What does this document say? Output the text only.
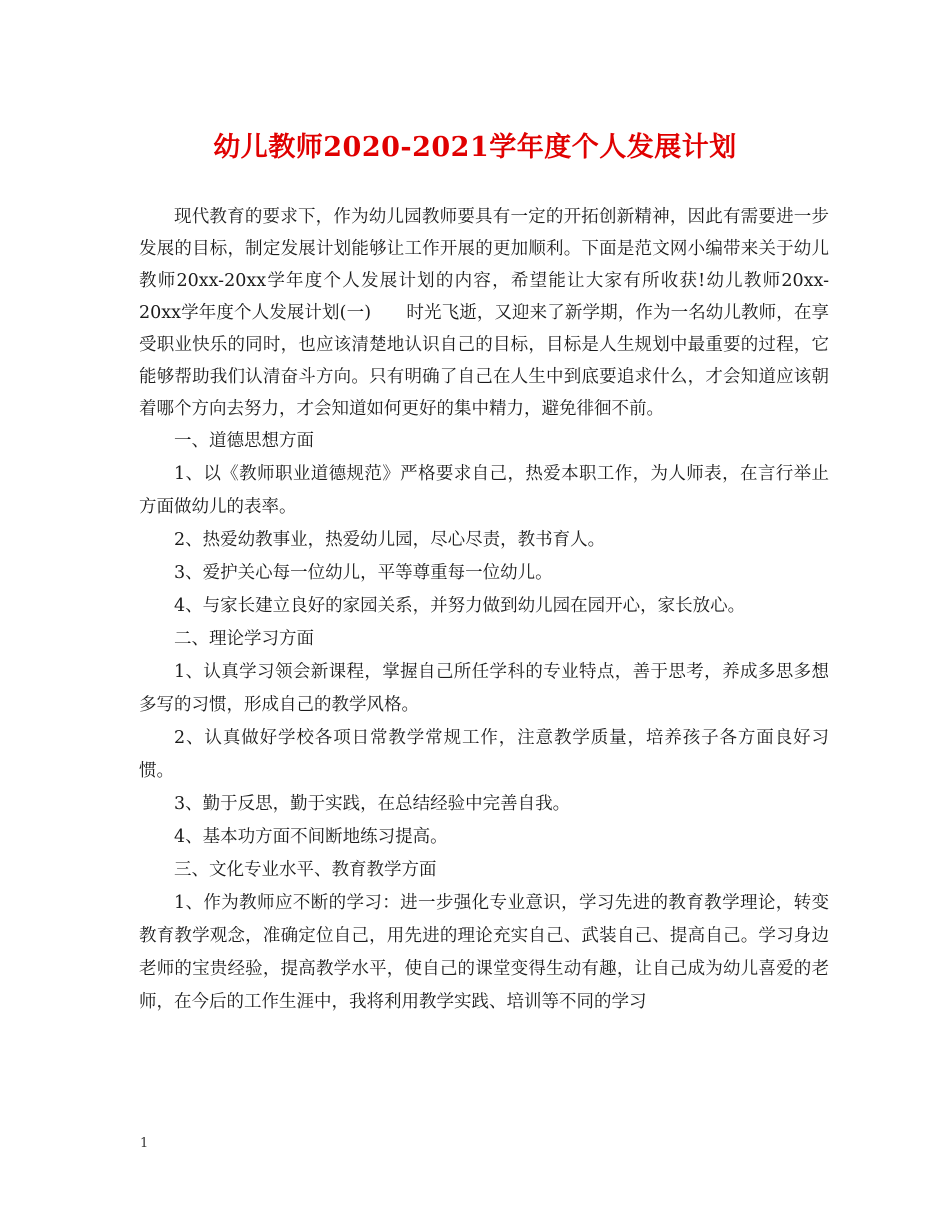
幼儿教师2020-2021学年度个人发展计划

现代教育的要求下，作为幼儿园教师要具有一定的开拓创新精神，因此有需要进一步发展的目标，制定发展计划能够让工作开展的更加顺利。下面是范文网小编带来关于幼儿教师20xx-20xx学年度个人发展计划的内容，希望能让大家有所收获!幼儿教师20xx-20xx学年度个人发展计划(一)　　时光飞逝，又迎来了新学期，作为一名幼儿教师，在享受职业快乐的同时，也应该清楚地认识自己的目标，目标是人生规划中最重要的过程，它能够帮助我们认清奋斗方向。只有明确了自己在人生中到底要追求什么，才会知道应该朝着哪个方向去努力，才会知道如何更好的集中精力，避免徘徊不前。

一、道德思想方面

1、以《教师职业道德规范》严格要求自己，热爱本职工作，为人师表，在言行举止方面做幼儿的表率。

2、热爱幼教事业，热爱幼儿园，尽心尽责，教书育人。

3、爱护关心每一位幼儿，平等尊重每一位幼儿。

4、与家长建立良好的家园关系，并努力做到幼儿园在园开心，家长放心。

二、理论学习方面

1、认真学习领会新课程，掌握自己所任学科的专业特点，善于思考，养成多思多想多写的习惯，形成自己的教学风格。

2、认真做好学校各项日常教学常规工作，注意教学质量，培养孩子各方面良好习惯。

3、勤于反思，勤于实践，在总结经验中完善自我。

4、基本功方面不间断地练习提高。

三、文化专业水平、教育教学方面

1、作为教师应不断的学习：进一步强化专业意识，学习先进的教育教学理论，转变教育教学观念，准确定位自己，用先进的理论充实自己、武装自己、提高自己。学习身边老师的宝贵经验，提高教学水平，使自己的课堂变得生动有趣，让自己成为幼儿喜爱的老师，在今后的工作生涯中，我将利用教学实践、培训等不同的学习

1
